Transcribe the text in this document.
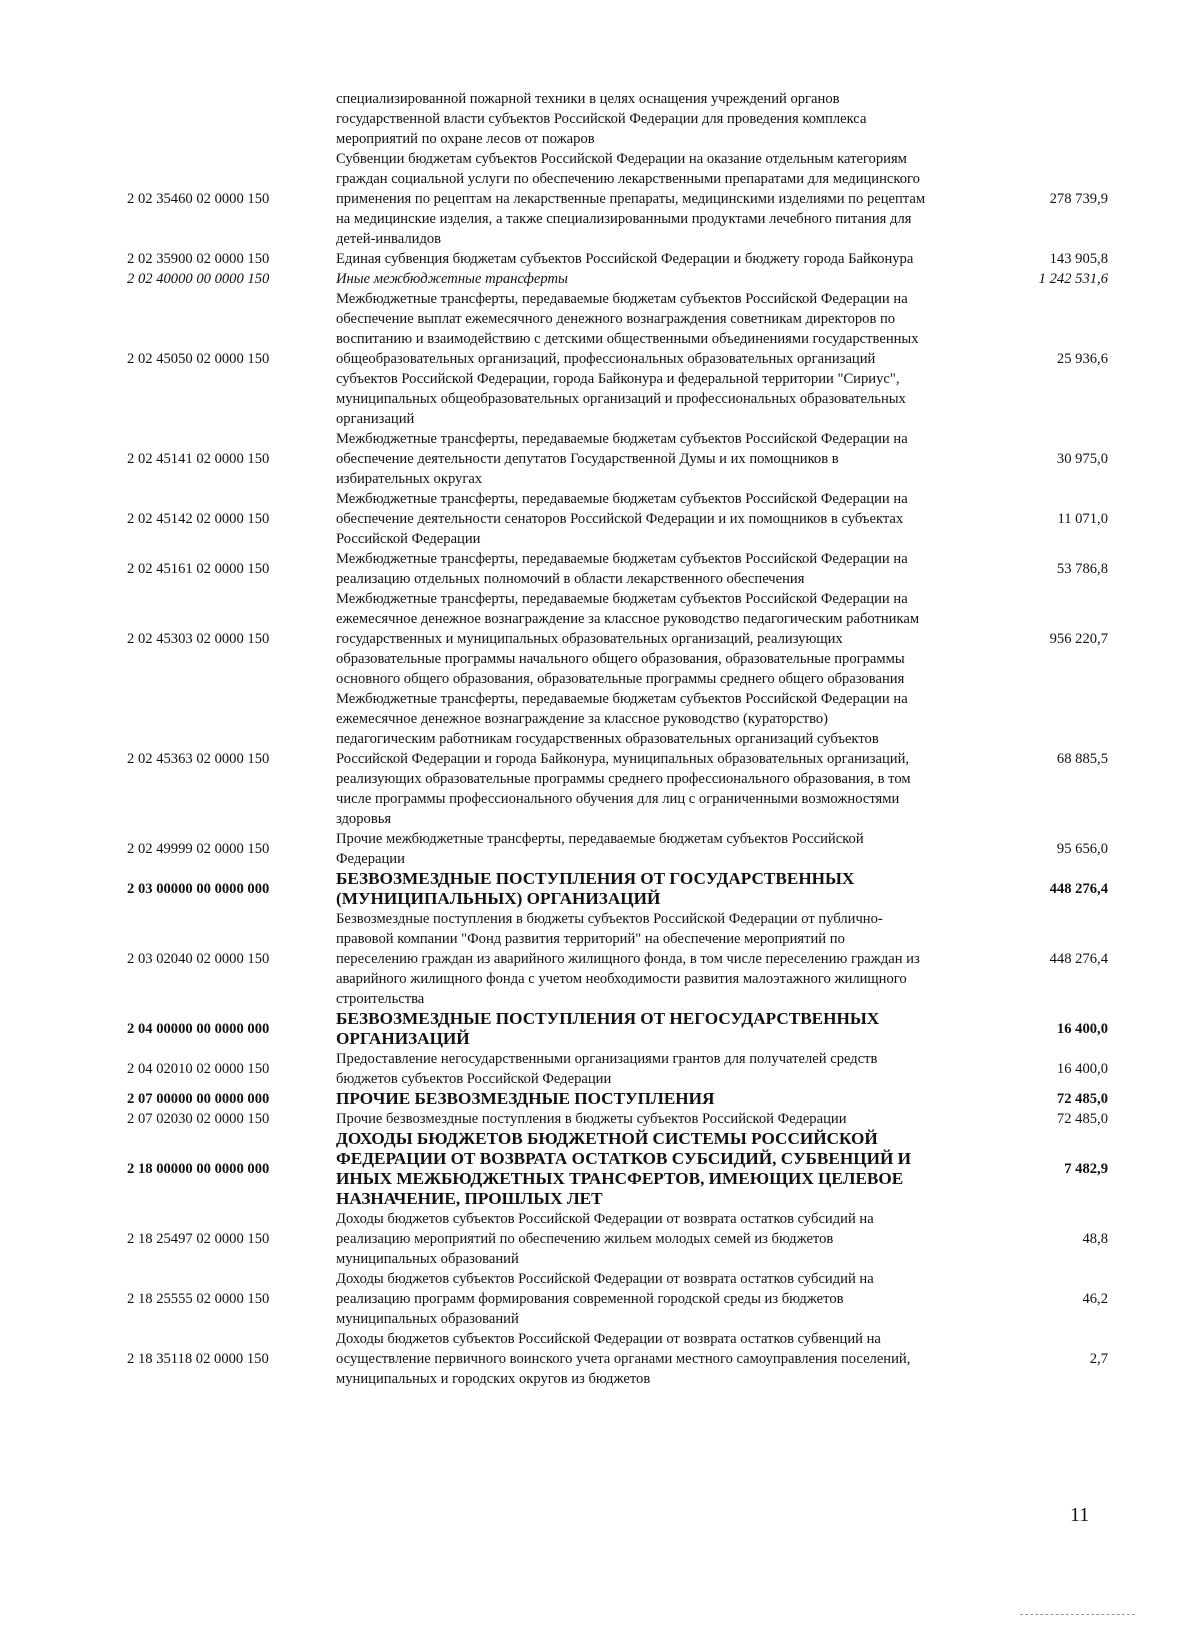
	специализированной пожарной техники в целях оснащения учреждений органов государственной власти субъектов Российской Федерации для проведения комплекса мероприятий по охране лесов от пожаров	
2 02 35460 02 0000 150	Субвенции бюджетам субъектов Российской Федерации на оказание отдельным категориям граждан социальной услуги по обеспечению лекарственными препаратами для медицинского применения по рецептам на лекарственные препараты, медицинскими изделиями по рецептам на медицинские изделия, а также специализированными продуктами лечебного питания для детей-инвалидов	278 739,9
2 02 35900 02 0000 150	Единая субвенция бюджетам субъектов Российской Федерации и бюджету города Байконура	143 905,8
2 02 40000 00 0000 150	Иные межбюджетные трансферты	1 242 531,6
2 02 45050 02 0000 150	Межбюджетные трансферты, передаваемые бюджетам субъектов Российской Федерации на обеспечение выплат ежемесячного денежного вознаграждения советникам директоров по воспитанию и взаимодействию с детскими общественными объединениями государственных общеобразовательных организаций, профессиональных образовательных организаций субъектов Российской Федерации, города Байконура и федеральной территории "Сириус", муниципальных общеобразовательных организаций и профессиональных образовательных организаций	25 936,6
2 02 45141 02 0000 150	Межбюджетные трансферты, передаваемые бюджетам субъектов Российской Федерации на обеспечение деятельности депутатов Государственной Думы и их помощников в избирательных округах	30 975,0
2 02 45142 02 0000 150	Межбюджетные трансферты, передаваемые бюджетам субъектов Российской Федерации на обеспечение деятельности сенаторов Российской Федерации и их помощников в субъектах Российской Федерации	11 071,0
2 02 45161 02 0000 150	Межбюджетные трансферты, передаваемые бюджетам субъектов Российской Федерации на реализацию отдельных полномочий в области лекарственного обеспечения	53 786,8
2 02 45303 02 0000 150	Межбюджетные трансферты, передаваемые бюджетам субъектов Российской Федерации на ежемесячное денежное вознаграждение за классное руководство педагогическим работникам государственных и муниципальных образовательных организаций, реализующих образовательные программы начального общего образования, образовательные программы основного общего образования, образовательные программы среднего общего образования	956 220,7
2 02 45363 02 0000 150	Межбюджетные трансферты, передаваемые бюджетам субъектов Российской Федерации на ежемесячное денежное вознаграждение за классное руководство (кураторство) педагогическим работникам государственных образовательных организаций субъектов Российской Федерации и города Байконура, муниципальных образовательных организаций, реализующих образовательные программы среднего профессионального образования, в том числе программы профессионального обучения для лиц с ограниченными возможностями здоровья	68 885,5
2 02 49999 02 0000 150	Прочие межбюджетные трансферты, передаваемые бюджетам субъектов Российской Федерации	95 656,0
2 03 00000 00 0000 000	БЕЗВОЗМЕЗДНЫЕ ПОСТУПЛЕНИЯ ОТ ГОСУДАРСТВЕННЫХ (МУНИЦИПАЛЬНЫХ) ОРГАНИЗАЦИЙ	448 276,4
2 03 02040 02 0000 150	Безвозмездные поступления в бюджеты субъектов Российской Федерации от публично-правовой компании "Фонд развития территорий" на обеспечение мероприятий по переселению граждан из аварийного жилищного фонда, в том числе переселению граждан из аварийного жилищного фонда с учетом необходимости развития малоэтажного жилищного строительства	448 276,4
2 04 00000 00 0000 000	БЕЗВОЗМЕЗДНЫЕ ПОСТУПЛЕНИЯ ОТ НЕГОСУДАРСТВЕННЫХ ОРГАНИЗАЦИЙ	16 400,0
2 04 02010 02 0000 150	Предоставление негосударственными организациями грантов для получателей средств бюджетов субъектов Российской Федерации	16 400,0
2 07 00000 00 0000 000	ПРОЧИЕ БЕЗВОЗМЕЗДНЫЕ ПОСТУПЛЕНИЯ	72 485,0
2 07 02030 02 0000 150	Прочие безвозмездные поступления в бюджеты субъектов Российской Федерации	72 485,0
2 18 00000 00 0000 000	ДОХОДЫ БЮДЖЕТОВ БЮДЖЕТНОЙ СИСТЕМЫ РОССИЙСКОЙ ФЕДЕРАЦИИ ОТ ВОЗВРАТА ОСТАТКОВ СУБСИДИЙ, СУБВЕНЦИЙ И ИНЫХ МЕЖБЮДЖЕТНЫХ ТРАНСФЕРТОВ, ИМЕЮЩИХ ЦЕЛЕВОЕ НАЗНАЧЕНИЕ, ПРОШЛЫХ ЛЕТ	7 482,9
2 18 25497 02 0000 150	Доходы бюджетов субъектов Российской Федерации от возврата остатков субсидий на реализацию мероприятий по обеспечению жильем молодых семей из бюджетов муниципальных образований	48,8
2 18 25555 02 0000 150	Доходы бюджетов субъектов Российской Федерации от возврата остатков субсидий на реализацию программ формирования современной городской среды из бюджетов муниципальных образований	46,2
2 18 35118 02 0000 150	Доходы бюджетов субъектов Российской Федерации от возврата остатков субвенций на осуществление первичного воинского учета органами местного самоуправления поселений, муниципальных и городских округов из бюджетов	2,7
11
